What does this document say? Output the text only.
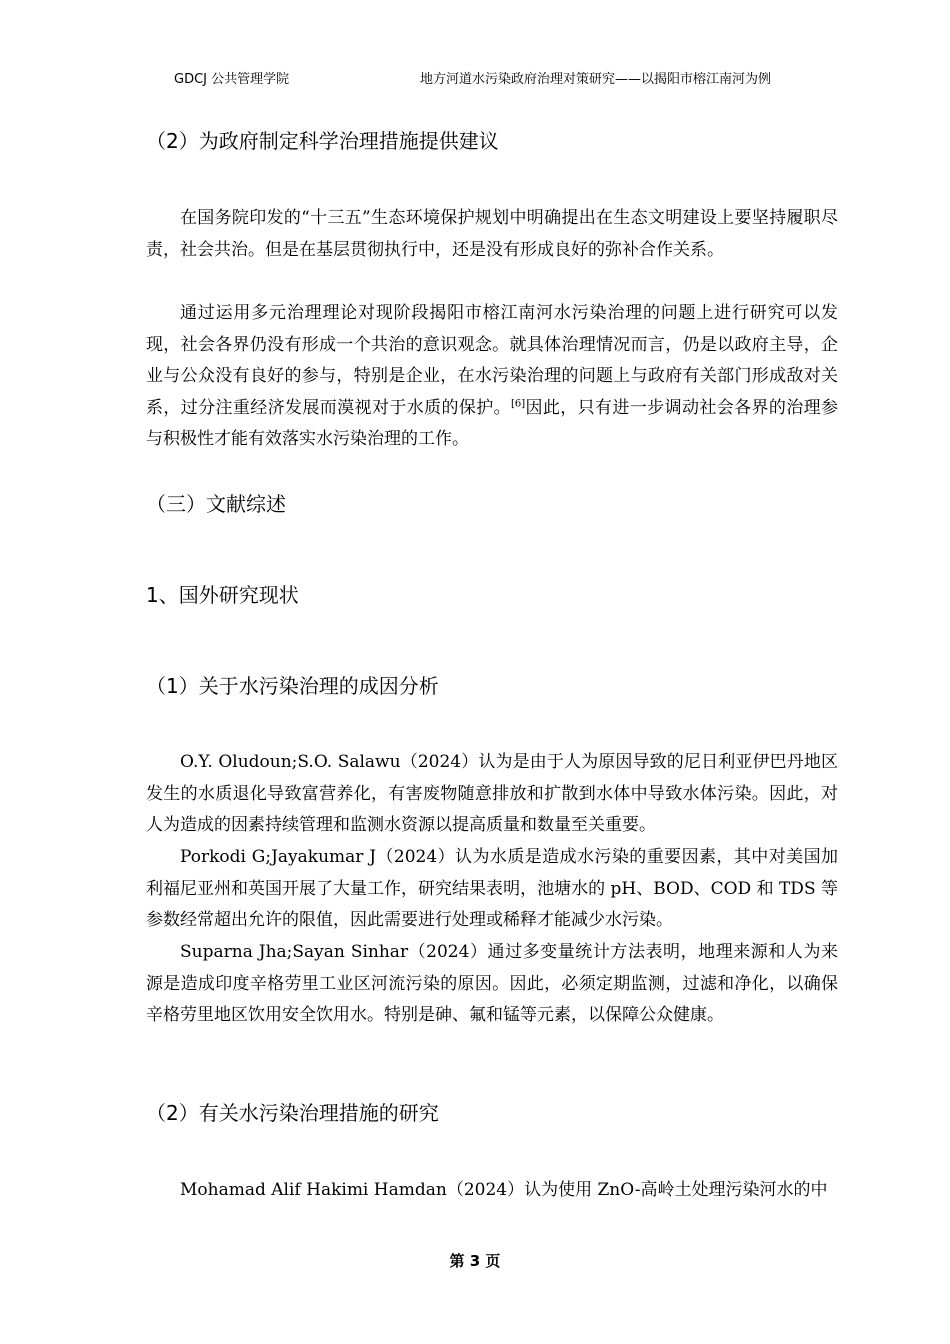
GDCJ 公共管理学院	地方河道水污染政府治理对策研究——以揭阳市榕江南河为例
（2）为政府制定科学治理措施提供建议

在国务院印发的“十三五”生态环境保护规划中明确提出在生态文明建设上要坚持履职尽责，社会共治。但是在基层贯彻执行中，还是没有形成良好的弥补合作关系。

通过运用多元治理理论对现阶段揭阳市榕江南河水污染治理的问题上进行研究可以发现，社会各界仍没有形成一个共治的意识观念。就具体治理情况而言，仍是以政府主导，企业与公众没有良好的参与，特别是企业，在水污染治理的问题上与政府有关部门形成敌对关系，过分注重经济发展而漠视对于水质的保护。[6]因此，只有进一步调动社会各界的治理参与积极性才能有效落实水污染治理的工作。

（三）文献综述
1、国外研究现状
（1）关于水污染治理的成因分析

O.Y. Oludoun;S.O. Salawu（2024）认为是由于人为原因导致的尼日利亚伊巴丹地区发生的水质退化导致富营养化，有害废物随意排放和扩散到水体中导致水体污染。因此，对人为造成的因素持续管理和监测水资源以提高质量和数量至关重要。

Porkodi G;Jayakumar J（2024）认为水质是造成水污染的重要因素，其中对美国加利福尼亚州和英国开展了大量工作，研究结果表明，池塘水的 pH、BOD、COD 和 TDS 等参数经常超出允许的限值，因此需要进行处理或稀释才能减少水污染。

Suparna Jha;Sayan Sinhar（2024）通过多变量统计方法表明，地理来源和人为来源是造成印度辛格劳里工业区河流污染的原因。因此，必须定期监测，过滤和净化，以确保辛格劳里地区饮用安全饮用水。特别是砷、氟和锰等元素，以保障公众健康。

（2）有关水污染治理措施的研究

Mohamad Alif Hakimi Hamdan（2024）认为使用 ZnO-高岭土处理污染河水的中

第 3 页
